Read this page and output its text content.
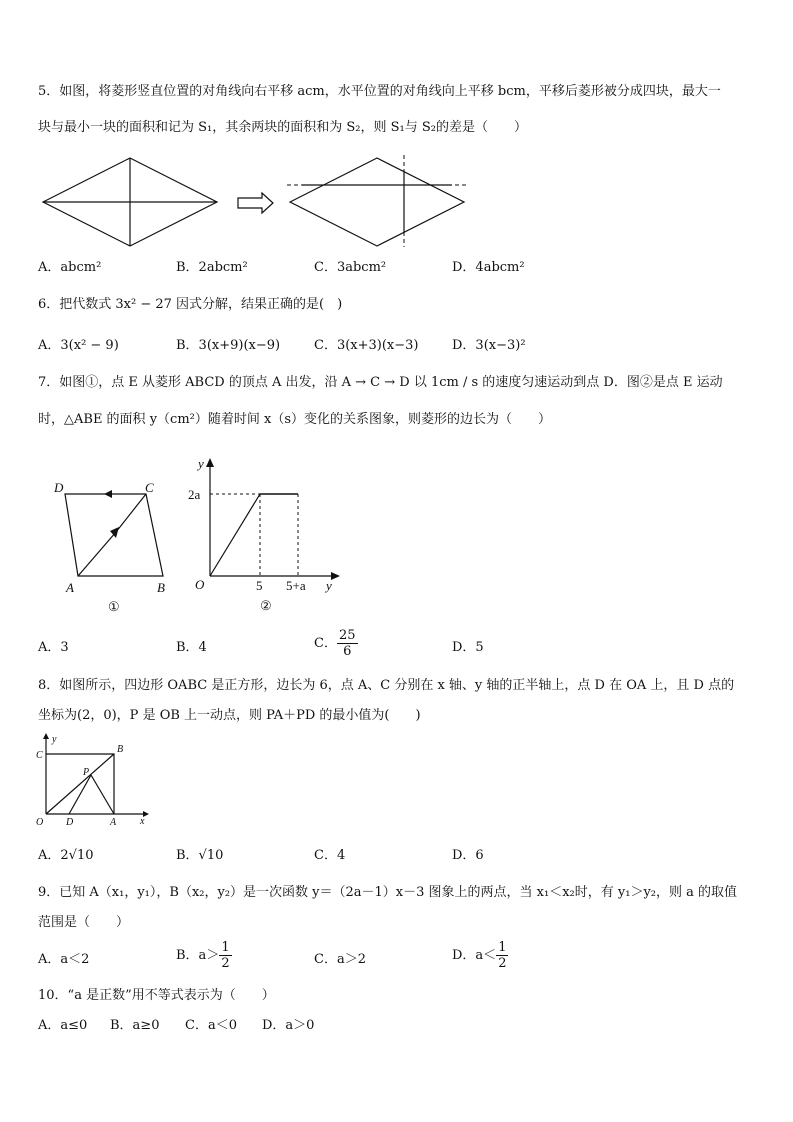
5．如图，将菱形竖直位置的对角线向右平移 acm，水平位置的对角线向上平移 bcm，平移后菱形被分成四块，最大一
块与最小一块的面积和记为 S₁，其余两块的面积和为 S₂，则 S₁与 S₂的差是（　　）
A．abcm²	B．2abcm²	C．3abcm²	D．4abcm²
6．把代数式 3x² − 27 因式分解，结果正确的是(　)
A．3(x² − 9)	B．3(x+9)(x−9)	C．3(x+3)(x−3)	D．3(x−3)²
7．如图①，点 E 从菱形 ABCD 的顶点 A 出发，沿 A → C → D 以 1cm / s 的速度匀速运动到点 D．图②是点 E 运动
时，△ABE 的面积 y（cm²）随着时间 x（s）变化的关系图象，则菱形的边长为（　　）
D	C
A	B
①
y
2a
O	5 5+a y
②
A．3	B．4	C． $\frac{25}{6}$	D．5
8．如图所示，四边形 OABC 是正方形，边长为 6，点 A、C 分别在 x 轴、y 轴的正半轴上，点 D 在 OA 上，且 D 点的
坐标为(2，0)，P 是 OB 上一动点，则 PA＋PD 的最小值为(　　)
y
C
B
P
O D	A x
A．2√10	B．√10	C．4	D．6
9．已知 A（x₁，y₁），B（x₂，y₂）是一次函数 y＝（2a－1）x－3 图象上的两点，当 x₁＜x₂时，有 y₁＞y₂，则 a 的取值
范围是（　　）
A．a＜2	B．$a> \frac{1}{2}$	C．a＞2	D．$a< \frac{1}{2}$
10．“a 是正数”用不等式表示为（　　）
A．a≤0 B．a≥0 C．a＜0 D．a＞0
